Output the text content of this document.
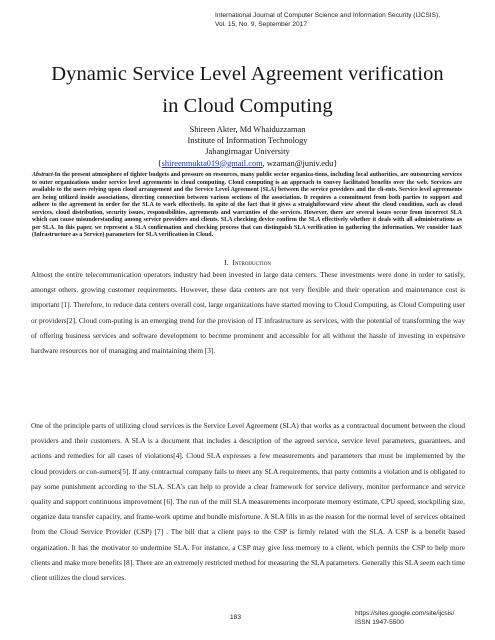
International Journal of Computer Science and Information Security (IJCSIS),
Vol. 15, No. 9, September 2017
Dynamic Service Level Agreement verification
in Cloud Computing
Shireen Akter, Md Whaiduzzaman
Institute of Information Technology
Jahangirnagar University
{shireenmukta019@gmail.com, wzaman@juniv.edu}
Abstract-In the present atmosphere of tighter budgets and pressure on resources, many public sector organiza-tions, including local authorities, are outsourcing services to outer organizations under service level agreements in cloud computing. Cloud computing is an approach to convey facilitated benefits over the web. Services are available to the users relying upon cloud arrangement and the Service Level Agreement (SLA) between the service providers and the cli-ents. Service level agreements are being utilized inside associations, directing connection between various sections of the association. It requires a commitment from both parties to support and adhere to the agreement in order for the SLA to work effectively. In spite of the fact that it gives a straightforward view about the cloud condition, such as cloud services, cloud distribution, security issues, responsibilities, agreements and warranties of the services. However, there are several issues occur from incorrect SLA which can cause misunderstanding among service providers and clients. SLA checking device confirm the SLA effectively whether it deals with all administrations as per SLA. In this paper, we represent a SLA confirmation and checking process that can distinguish SLA verification in gathering the information. We consider IaaS (Infrastructure as a Service) parameters for SLA verification in Cloud.
I. Introduction
Almost the entire telecommunication operators industry had been invested in large data centers. These investments were done in order to satisfy, amongst others, growing customer requirements. However, these data centers are not very flexible and their operation and maintenance cost is important [1]. Therefore, to reduce data centers overall cost, large organizations have started moving to Cloud Computing, as Cloud Computing user or providers[2]. Cloud com-puting is an emerging trend for the provision of IT infrastructure as services, with the potential of transforming the way of offering business services and software development to become prominent and accessible for all without the hassle of investing in expensive hardware resources nor of managing and maintaining them [3].
One of the principle parts of utilizing cloud services is the Service Level Agreement (SLA) that works as a contractual document between the cloud providers and their customers. A SLA is a document that includes a description of the agreed service, service level parameters, guarantees, and actions and remedies for all cases of violations[4]. Cloud SLA expresses a few measurements and parameters that must be implemented by the cloud providers or con-sumers[5]. If any contractual company fails to meet any SLA requirements, that party commits a violation and is obligated to pay some punishment according to the SLA. SLA's can help to provide a clear framework for service delivery, monitor performance and service quality and support continuous improvement [6]. The run of the mill SLA measurements incorporate memory estimate, CPU speed, stockpiling size, organize data transfer capacity, and frame-work uptime and bundle misfortune. A SLA fills in as the reason for the normal level of services obtained from the Cloud Service Provider (CSP) [7] . The bill that a client pays to the CSP is firmly related with the SLA. A CSP is a benefit based organization. It has the motivator to undermine SLA. For instance, a CSP may give less memory to a client, which permits the CSP to help more clients and make more benefits [8]. There are an extremely restricted method for measuring the SLA parameters. Generally this SLA seem each time client utilizes the cloud services.
183
https://sites.google.com/site/ijcsis/
ISSN 1947-5500
